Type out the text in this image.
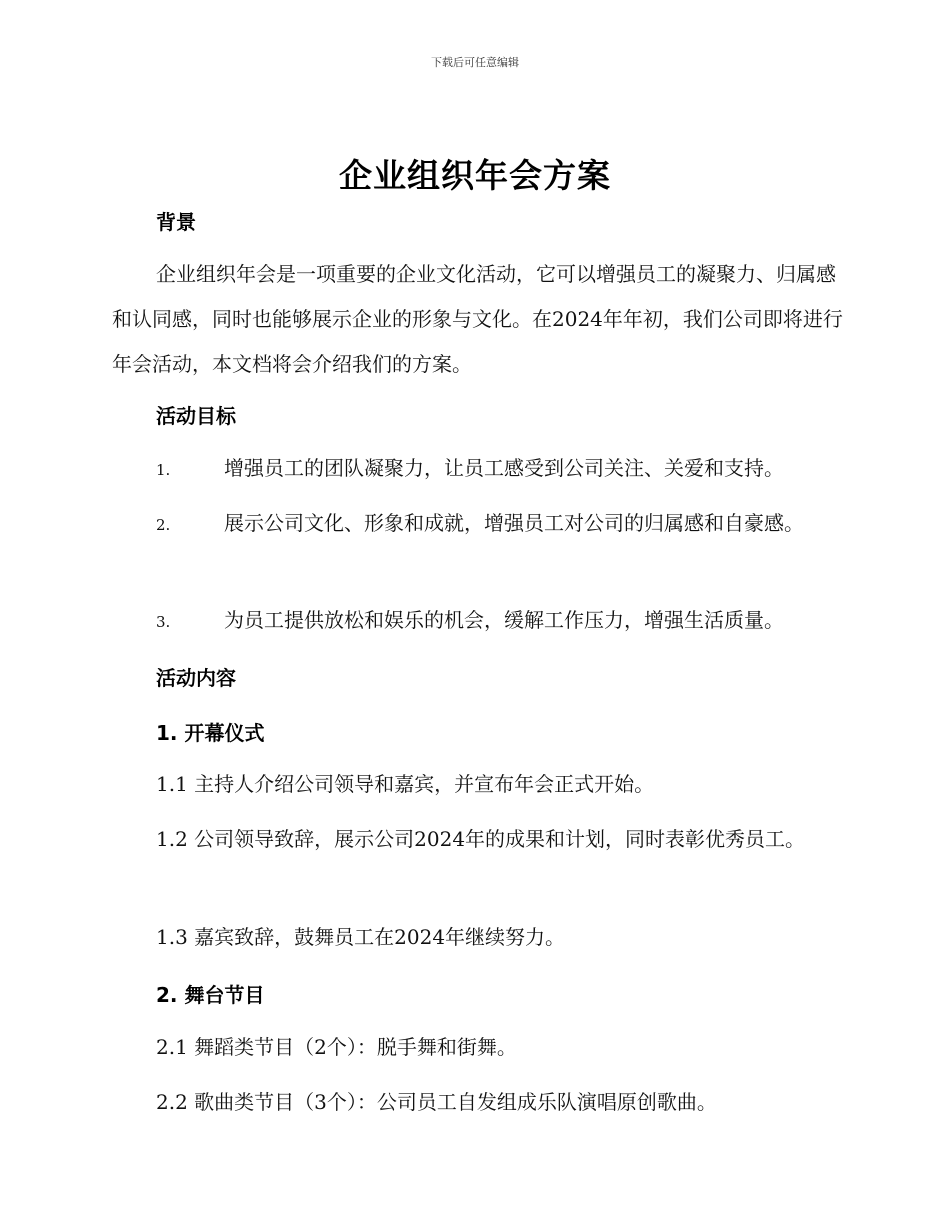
下载后可任意编辑
企业组织年会方案
背景

企业组织年会是一项重要的企业文化活动，它可以增强员工的凝聚力、归属感和认同感，同时也能够展示企业的形象与文化。在2024年年初，我们公司即将进行年会活动，本文档将会介绍我们的方案。

活动目标
1.	增强员工的团队凝聚力，让员工感受到公司关注、关爱和支持。
2.	展示公司文化、形象和成就，增强员工对公司的归属感和自豪感。
3.	为员工提供放松和娱乐的机会，缓解工作压力，增强生活质量。
活动内容
1. 开幕仪式

1.1 主持人介绍公司领导和嘉宾，并宣布年会正式开始。

1.2 公司领导致辞，展示公司2024年的成果和计划，同时表彰优秀员工。

1.3 嘉宾致辞，鼓舞员工在2024年继续努力。

2. 舞台节目

2.1 舞蹈类节目（2个）：脱手舞和街舞。

2.2 歌曲类节目（3个）：公司员工自发组成乐队演唱原创歌曲。
